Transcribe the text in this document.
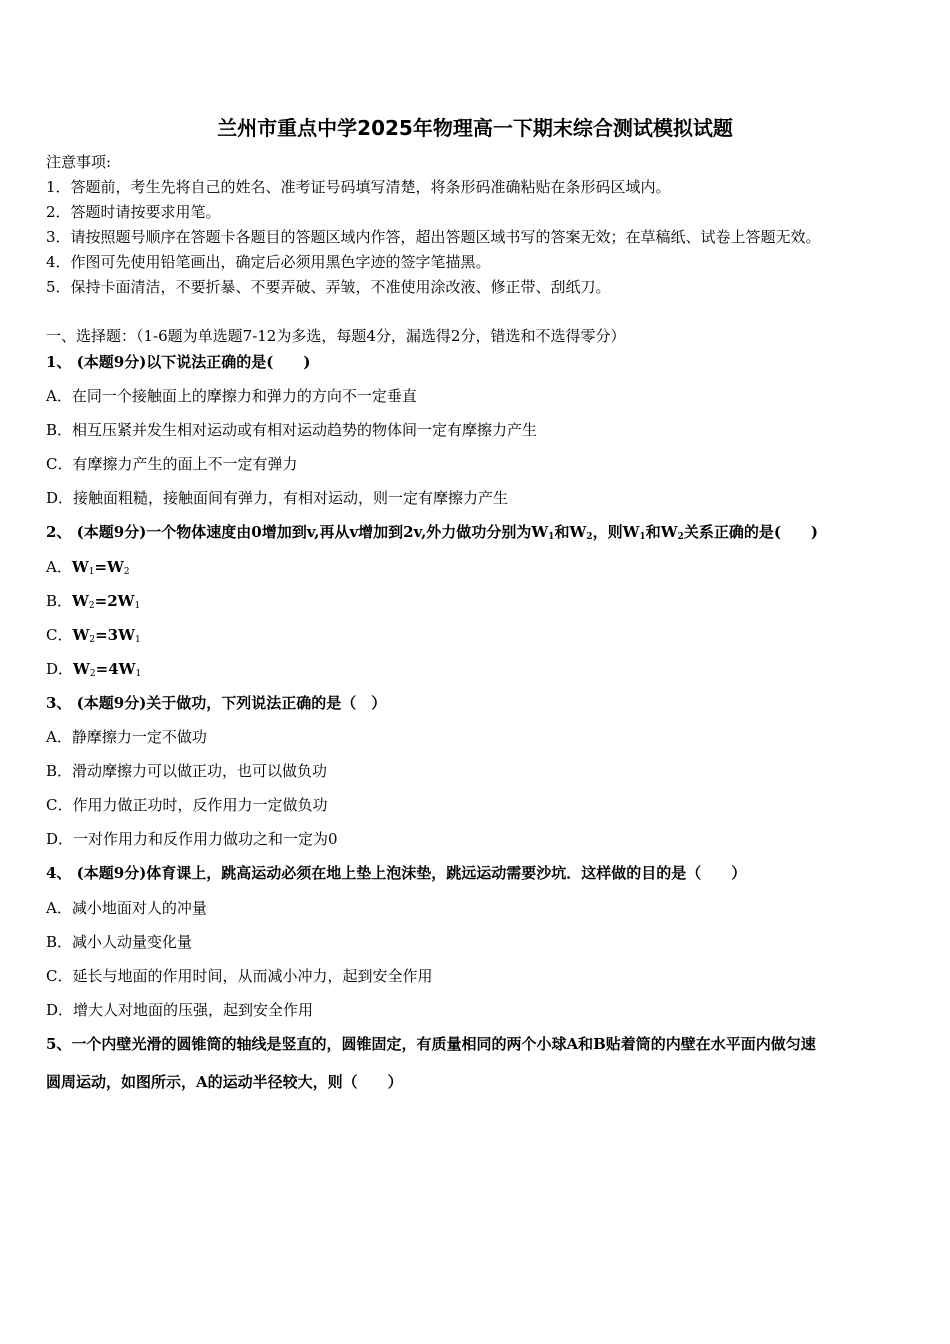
兰州市重点中学2025年物理高一下期末综合测试模拟试题
注意事项:
1．答题前，考生先将自己的姓名、准考证号码填写清楚，将条形码准确粘贴在条形码区域内。
2．答题时请按要求用笔。
3．请按照题号顺序在答题卡各题目的答题区域内作答，超出答题区域书写的答案无效；在草稿纸、试卷上答题无效。
4．作图可先使用铅笔画出，确定后必须用黑色字迹的签字笔描黑。
5．保持卡面清洁，不要折暴、不要弄破、弄皱，不准使用涂改液、修正带、刮纸刀。
一、选择题：（1-6题为单选题7-12为多选，每题4分，漏选得2分，错选和不选得零分）
1、 (本题9分)以下说法正确的是(　　)
A．在同一个接触面上的摩擦力和弹力的方向不一定垂直
B．相互压紧并发生相对运动或有相对运动趋势的物体间一定有摩擦力产生
C．有摩擦力产生的面上不一定有弹力
D．接触面粗糙，接触面间有弹力，有相对运动，则一定有摩擦力产生
2、 (本题9分)一个物体速度由0增加到v,再从v增加到2v,外力做功分别为$W_1$和$W_2$，则$W_1$和$W_2$关系正确的是(　　)
A．$W_1=W_2$
B．$W_2=2W_1$
C．$W_2=3W_1$
D．$W_2=4W_1$
3、 (本题9分)关于做功，下列说法正确的是（　）
A．静摩擦力一定不做功
B．滑动摩擦力可以做正功，也可以做负功
C．作用力做正功时，反作用力一定做负功
D．一对作用力和反作用力做功之和一定为0
4、 (本题9分)体育课上，跳高运动必须在地上垫上泡沫垫，跳远运动需要沙坑．这样做的目的是（　　）
A．减小地面对人的冲量
B．减小人动量变化量
C．延长与地面的作用时间，从而减小冲力，起到安全作用
D．增大人对地面的压强，起到安全作用
5、一个内壁光滑的圆锥筒的轴线是竖直的，圆锥固定，有质量相同的两个小球A和B贴着筒的内壁在水平面内做匀速
圆周运动，如图所示，A的运动半径较大，则（　　）
